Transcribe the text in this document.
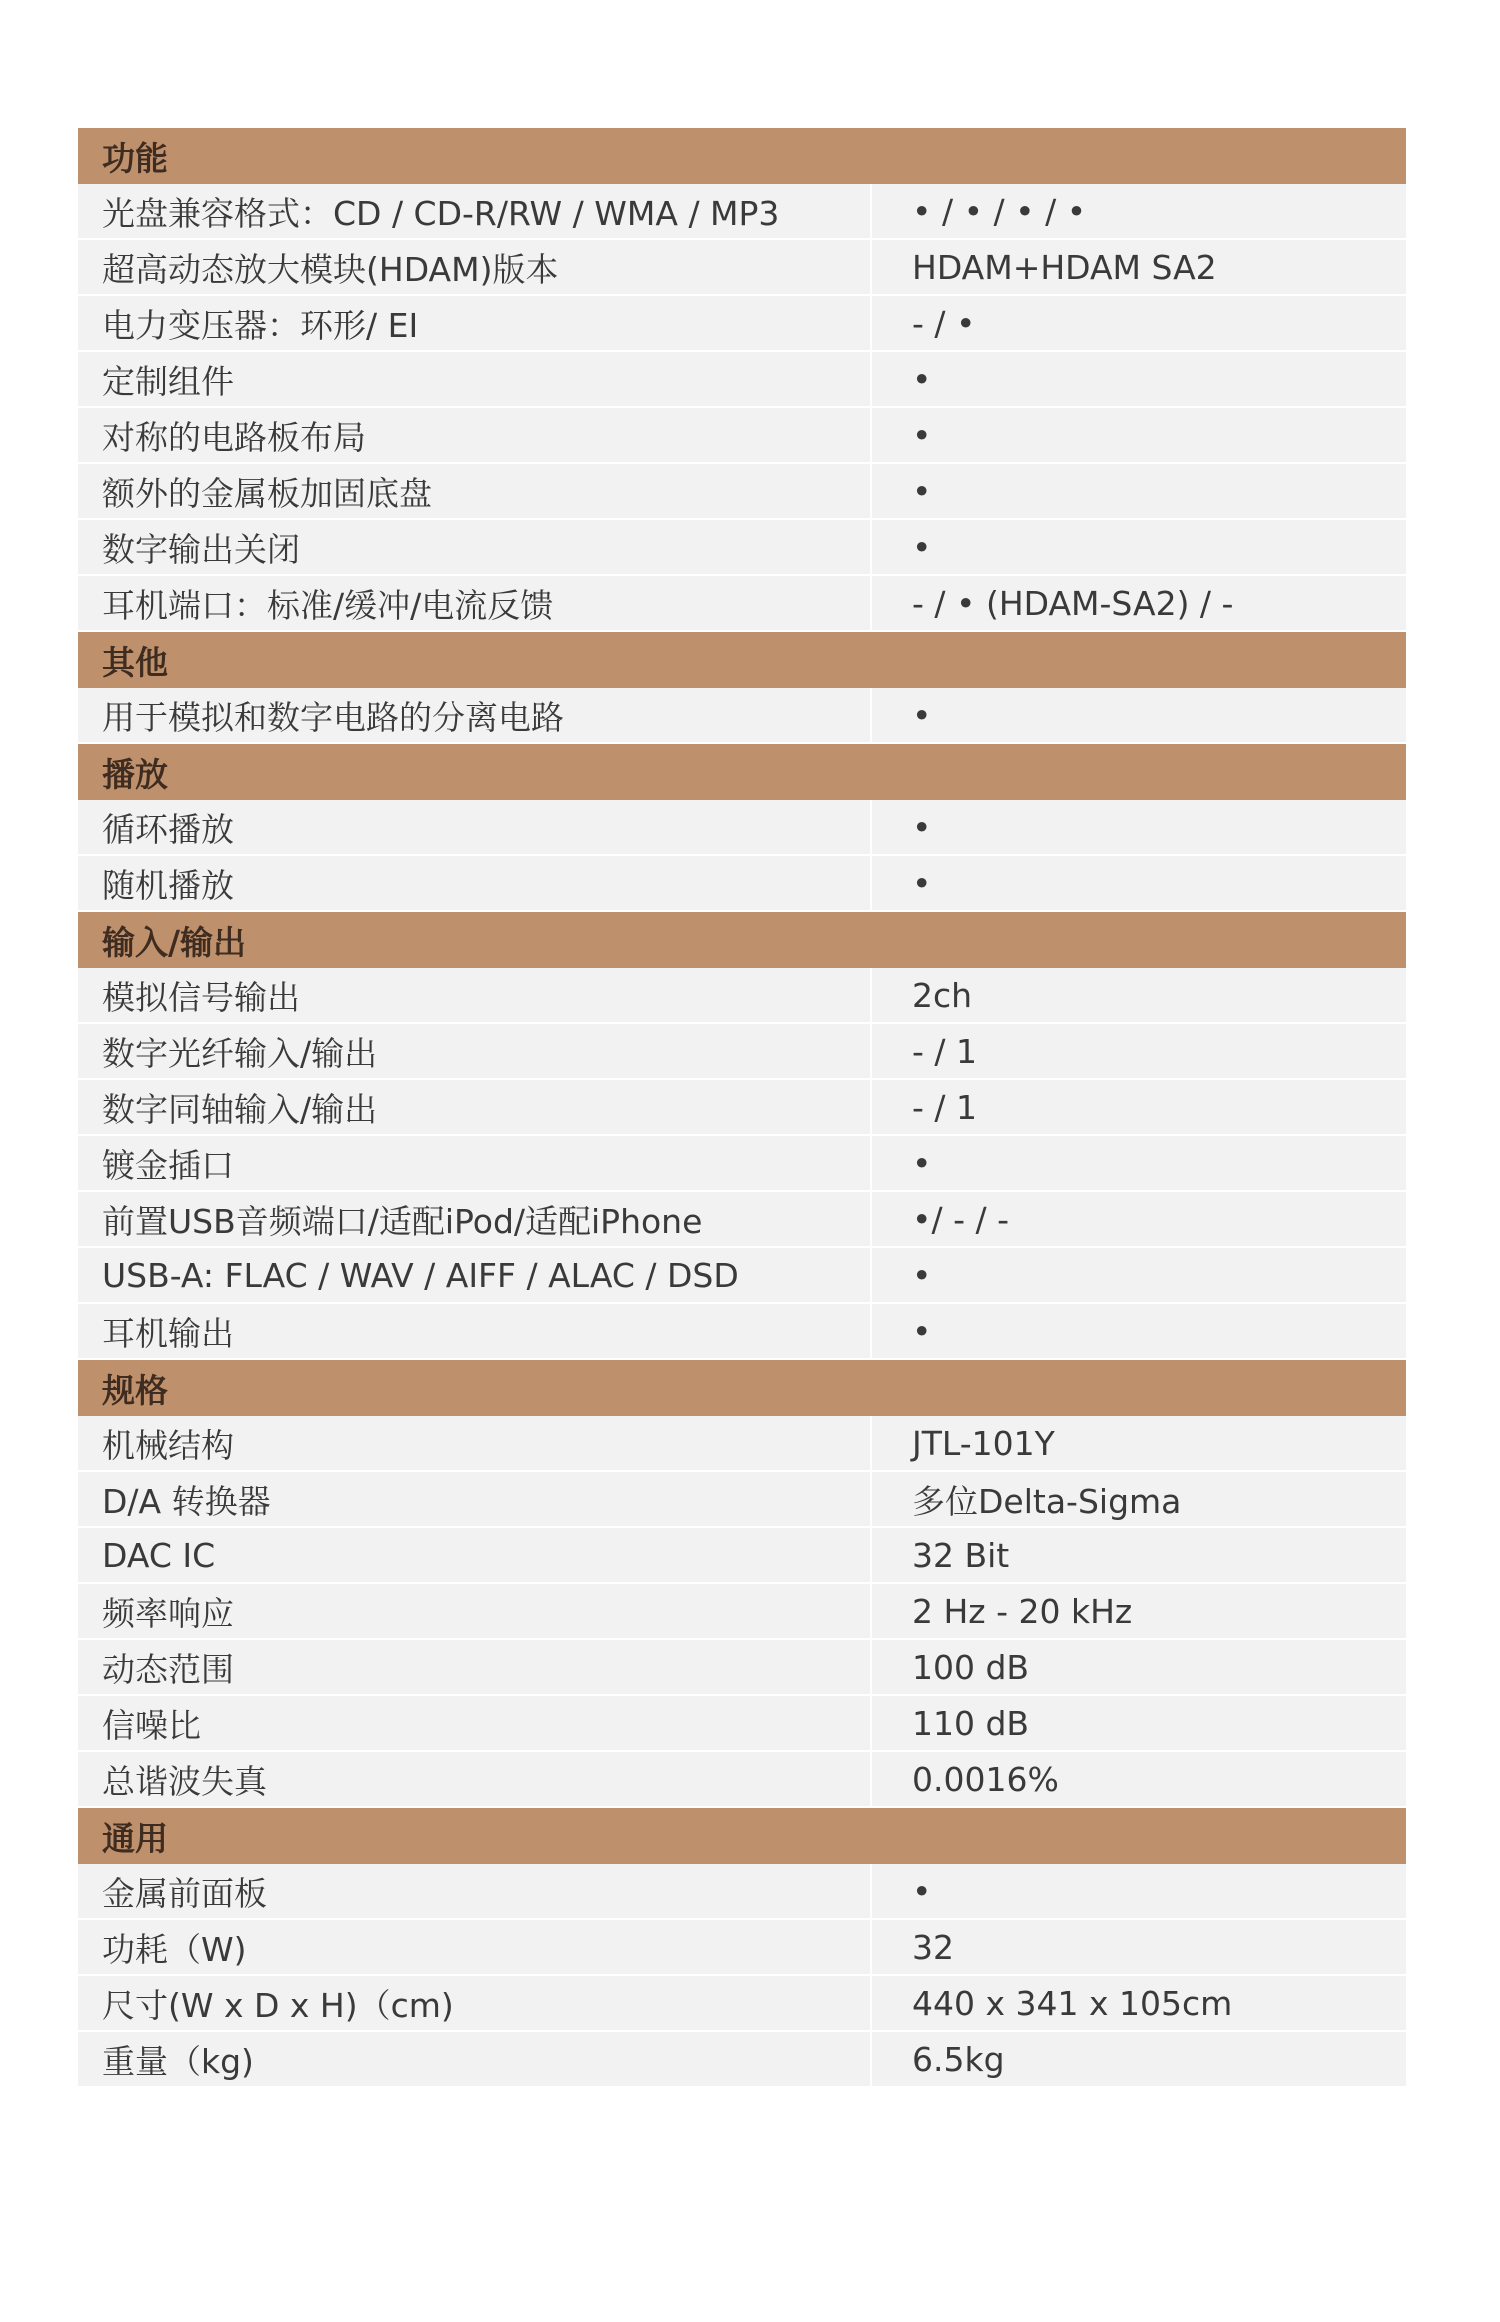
功能
光盘兼容格式：CD / CD-R/RW / WMA / MP3	• / • / • / •
超高动态放大模块(HDAM)版本	HDAM+HDAM SA2
电力变压器：环形/ EI	- / •
定制组件	•
对称的电路板布局	•
额外的金属板加固底盘	•
数字输出关闭	•
耳机端口：标准/缓冲/电流反馈	- / • (HDAM-SA2) / -
其他
用于模拟和数字电路的分离电路	•
播放
循环播放	•
随机播放	•
输入/输出
模拟信号输出	2ch
数字光纤输入/输出	- / 1
数字同轴输入/输出	- / 1
镀金插口	•
前置USB音频端口/适配iPod/适配iPhone	•/ - / -
USB-A: FLAC / WAV / AIFF / ALAC / DSD	•
耳机输出	•
规格
机械结构	JTL-101Y
D/A 转换器	多位Delta-Sigma
DAC IC	32 Bit
频率响应	2 Hz - 20 kHz
动态范围	100 dB
信噪比	110 dB
总谐波失真	0.0016%
通用
金属前面板	•
功耗（W)	32
尺寸(W x D x H)（cm)	440 x 341 x 105cm
重量（kg)	6.5kg
